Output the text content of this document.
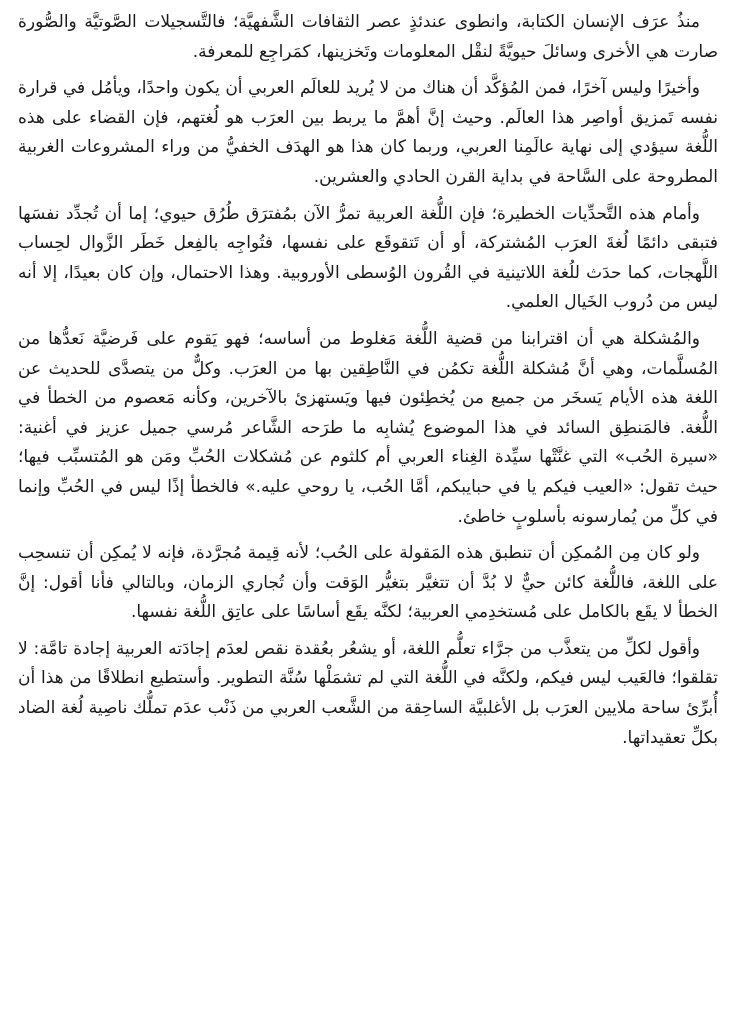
منذُ عرَف الإنسان الكتابة، وانطوى عندئذٍ عصر الثقافات الشَّفهيَّة؛ فالتَّسجيلات الصَّوتيَّة والصُّورة صارت هي الأخرى وسائلَ حيويَّةً لنقْل المعلومات وتَخزينها، كمَراجِع للمعرفة.

وأخيرًا وليس آخرًا، فمن المُؤكَّد أن هناك من لا يُريد للعالَم العربي أن يكون واحدًا، ويأمُل في قرارة نفسه تَمزيق أواصِر هذا العالَم. وحيث إنَّ أهمَّ ما يربط بين العرَب هو لُغتهم، فإن القضاء على هذه اللُّغة سيؤدي إلى نهاية عالَمِنا العربي، وربما كان هذا هو الهدَف الخفيُّ من وراء المشروعات الغربية المطروحة على السَّاحة في بداية القرن الحادي والعشرين.

وأمام هذه التَّحدِّيات الخطيرة؛ فإن اللُّغة العربية تمرُّ الآن بمُفترَق طُرُق حيوي؛ إما أن تُجدِّد نفسَها فتبقى دائمًا لُغةَ العرَب المُشتركة، أو أن تَتقوقَع على نفسها، فتُواجِه بالفِعل خَطَر الزَّوال لحِساب اللَّهجات، كما حدَث للُغة اللاتينية في القُرون الوُسطى الأوروبية. وهذا الاحتمال، وإن كان بعيدًا، إلا أنه ليس من دُروب الخَيال العلمي.

والمُشكلة هي أن اقترابنا من قضية اللُّغة مَغلوط من أساسه؛ فهو يَقوم على فَرضيَّة نَعدُّها من المُسلَّمات، وهي أنَّ مُشكلة اللُّغة تكمُن في النَّاطِقين بها من العرَب. وكلٌّ من يتصدَّى للحديث عن اللغة هذه الأيام يَسخَر من جميع من يُخطِئون فيها ويَستهزئ بالآخرين، وكأنه مَعصوم من الخطأ في اللُّغة. فالمَنطِق السائد في هذا الموضوع يُشابِه ما طرَحه الشَّاعر مُرسي جميل عزيز في أغنية: «سيرة الحُب» التي غنَّتْها سيِّدة الغِناء العربي أم كلثوم عن مُشكلات الحُبِّ ومَن هو المُتسبِّب فيها؛ حيث تقول: «العيب فيكم يا في حبايبكم، أمَّا الحُب، يا روحي عليه.» فالخطأ إذًا ليس في الحُبِّ وإنما في كلِّ من يُمارسونه بأسلوبٍ خاطئ.

ولو كان مِن المُمكِن أن تنطبق هذه المَقولة على الحُب؛ لأنه قِيمة مُجرَّدة، فإنه لا يُمكِن أن تنسحِب على اللغة، فاللُّغة كائن حيٌّ لا بُدَّ أن تتغيَّر بتغيُّر الوَقت وأن تُجاري الزمان، وبالتالي فأنا أقول: إنَّ الخطأ لا يقَع بالكامل على مُستخدِمي العربية؛ لكنَّه يقَع أساسًا على عاتِق اللُّغة نفسها.

وأقول لكلِّ من يتعذَّب من جرَّاء تعلُّم اللغة، أو يشعُر بعُقدة نقص لعدَم إجادَته العربية إجادة تامَّة: لا تقلقوا؛ فالعَيب ليس فيكم، ولكنَّه في اللُّغة التي لم تشمَلْها سُنَّة التطوير. وأستطيع انطلاقًا من هذا أن أُبرِّئ ساحة ملايين العرَب بل الأغلبيَّة الساحِقة من الشَّعب العربي من ذَنْب عدَم تملُّك ناصِية لُغة الضاد بكلِّ تعقيداتها.
